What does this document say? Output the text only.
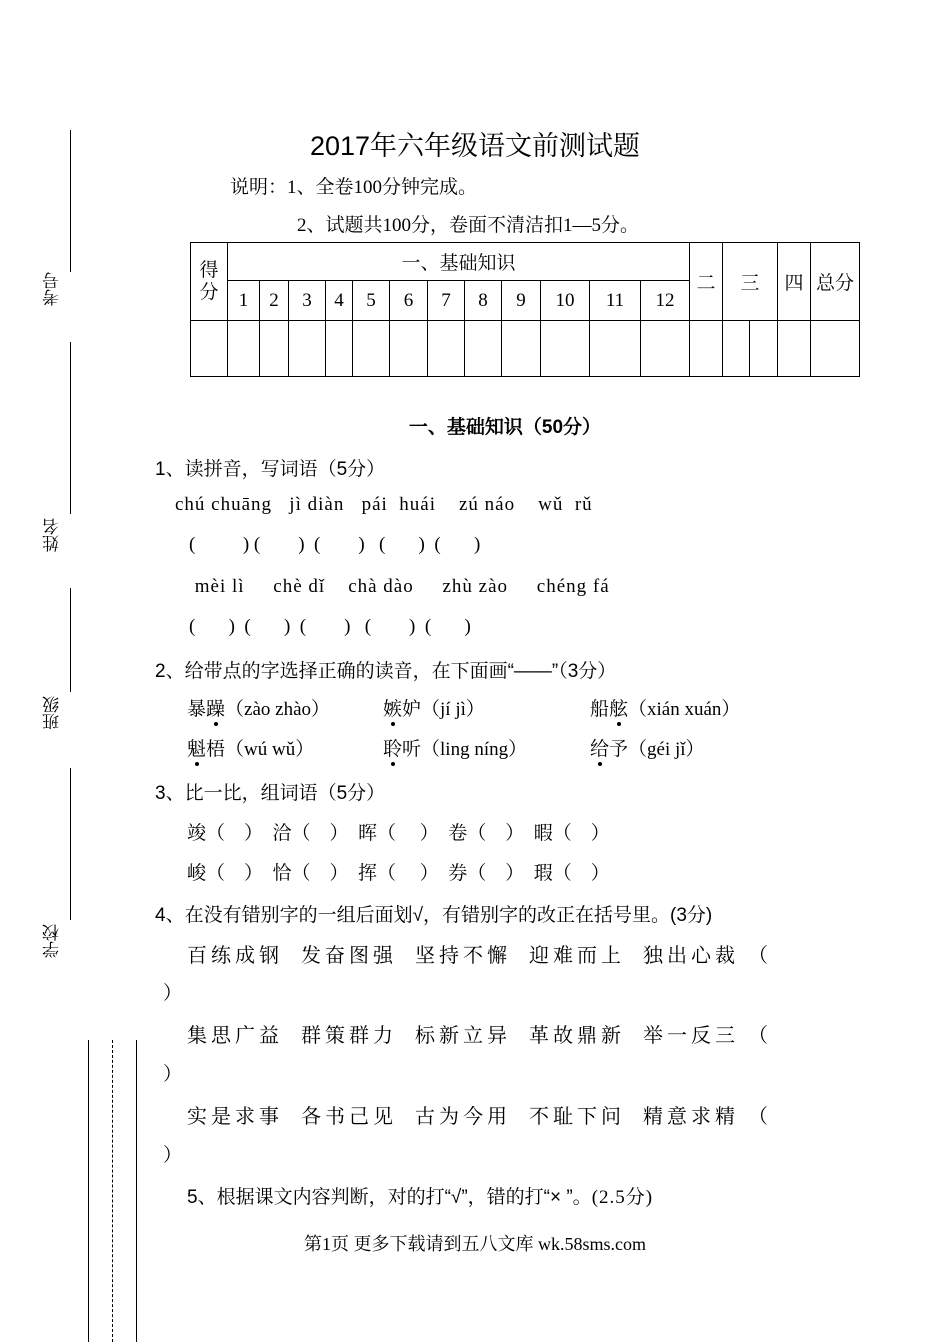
考号
姓名
班级
学校
2017年六年级语文前测试题
说明：1、全卷100分钟完成。
2、试题共100分，卷面不清洁扣1—5分。
得分	一、基础知识												二	三		四	总分
	1	2	3	4	5	6	7	8	9	10	11	12					

一、基础知识（50分）
1、读拼音，写词语（5分）
chú chuāng   jì diàn   pái  huái    zú náo    wǔ  rǔ
(          ) (        )  (        )   (       )  (       )
mèi lì     chè dǐ    chà dào     zhù zào     chéng fá
(       )  (       )  (        )   (        )  (       )
2、给带点的字选择正确的读音，在下面画“——”（3分）
暴躁（zào zhào）	嫉妒（jí jì）	船舷（xián xuán）
魁梧（wú wǔ）	聆听（ling níng）	给予（géi jǐ）
3、比一比，组词语（5分）
竣（    ）  洽（    ）  晖（     ）  卷（    ）  暇（    ）
峻（    ）  恰（    ）  挥（     ）  券（    ）  瑕（    ）
4、在没有错别字的一组后面划√，有错别字的改正在括号里。(3分)
百练成钢  发奋图强  坚持不懈  迎难而上  独出心裁 （
）
集思广益  群策群力  标新立异  革故鼎新  举一反三 （
）
实是求事  各书己见  古为今用  不耻下问  精意求精 （
）
5、根据课文内容判断，对的打“√”，错的打“× ”。(2.5分)
第1页 更多下载请到五八文库 wk.58sms.com
